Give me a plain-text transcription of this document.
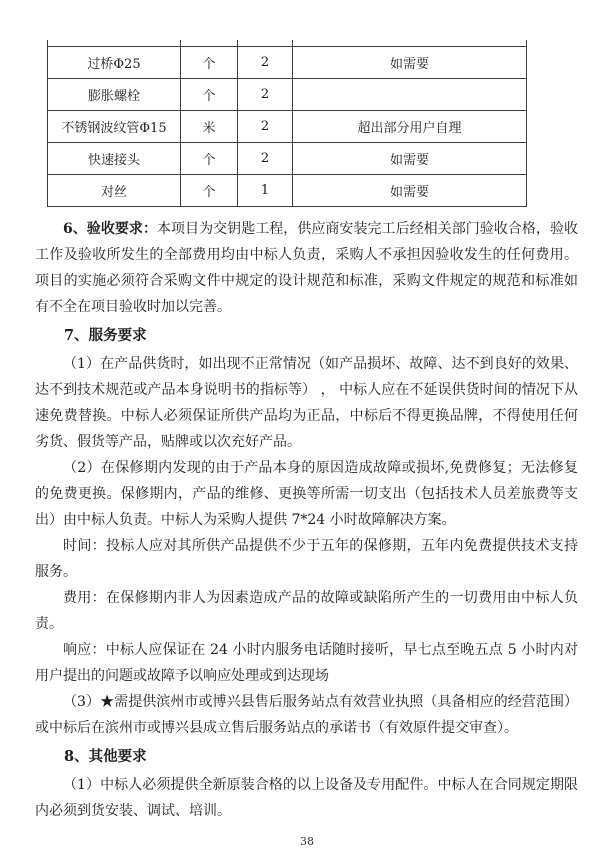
过桥Φ25	个	2	如需要
膨胀螺栓	个	2	
不锈钢波纹管Φ15	米	2	超出部分用户自理
快速接头	个	2	如需要
对丝	个	1	如需要

6、验收要求：本项目为交钥匙工程，供应商安装完工后经相关部门验收合格，验收工作及验收所发生的全部费用均由中标人负责，采购人不承担因验收发生的任何费用。项目的实施必须符合采购文件中规定的设计规范和标准，采购文件规定的规范和标准如有不全在项目验收时加以完善。

7、服务要求

（1）在产品供货时，如出现不正常情况（如产品损坏、故障、达不到良好的效果、 达不到技术规范或产品本身说明书的指标等） ， 中标人应在不延误供货时间的情况下从速免费替换。中标人必须保证所供产品均为正品，中标后不得更换品牌，不得使用任何劣货、假货等产品，贴牌或以次充好产品。

（2）在保修期内发现的由于产品本身的原因造成故障或损坏,免费修复；无法修复的免费更换。保修期内，产品的维修、更换等所需一切支出（包括技术人员差旅费等支出）由中标人负责。中标人为采购人提供 7*24 小时故障解决方案。

时间：投标人应对其所供产品提供不少于五年的保修期，五年内免费提供技术支持服务。

费用：在保修期内非人为因素造成产品的故障或缺陷所产生的一切费用由中标人负责。

响应：中标人应保证在 24 小时内服务电话随时接听，早七点至晚五点 5 小时内对用户提出的问题或故障予以响应处理或到达现场

（3）★需提供滨州市或博兴县售后服务站点有效营业执照（具备相应的经营范围）或中标后在滨州市或博兴县成立售后服务站点的承诺书（有效原件提交审查）。

8、其他要求

（1）中标人必须提供全新原装合格的以上设备及专用配件。中标人在合同规定期限内必须到货安装、调试、培训。

38
